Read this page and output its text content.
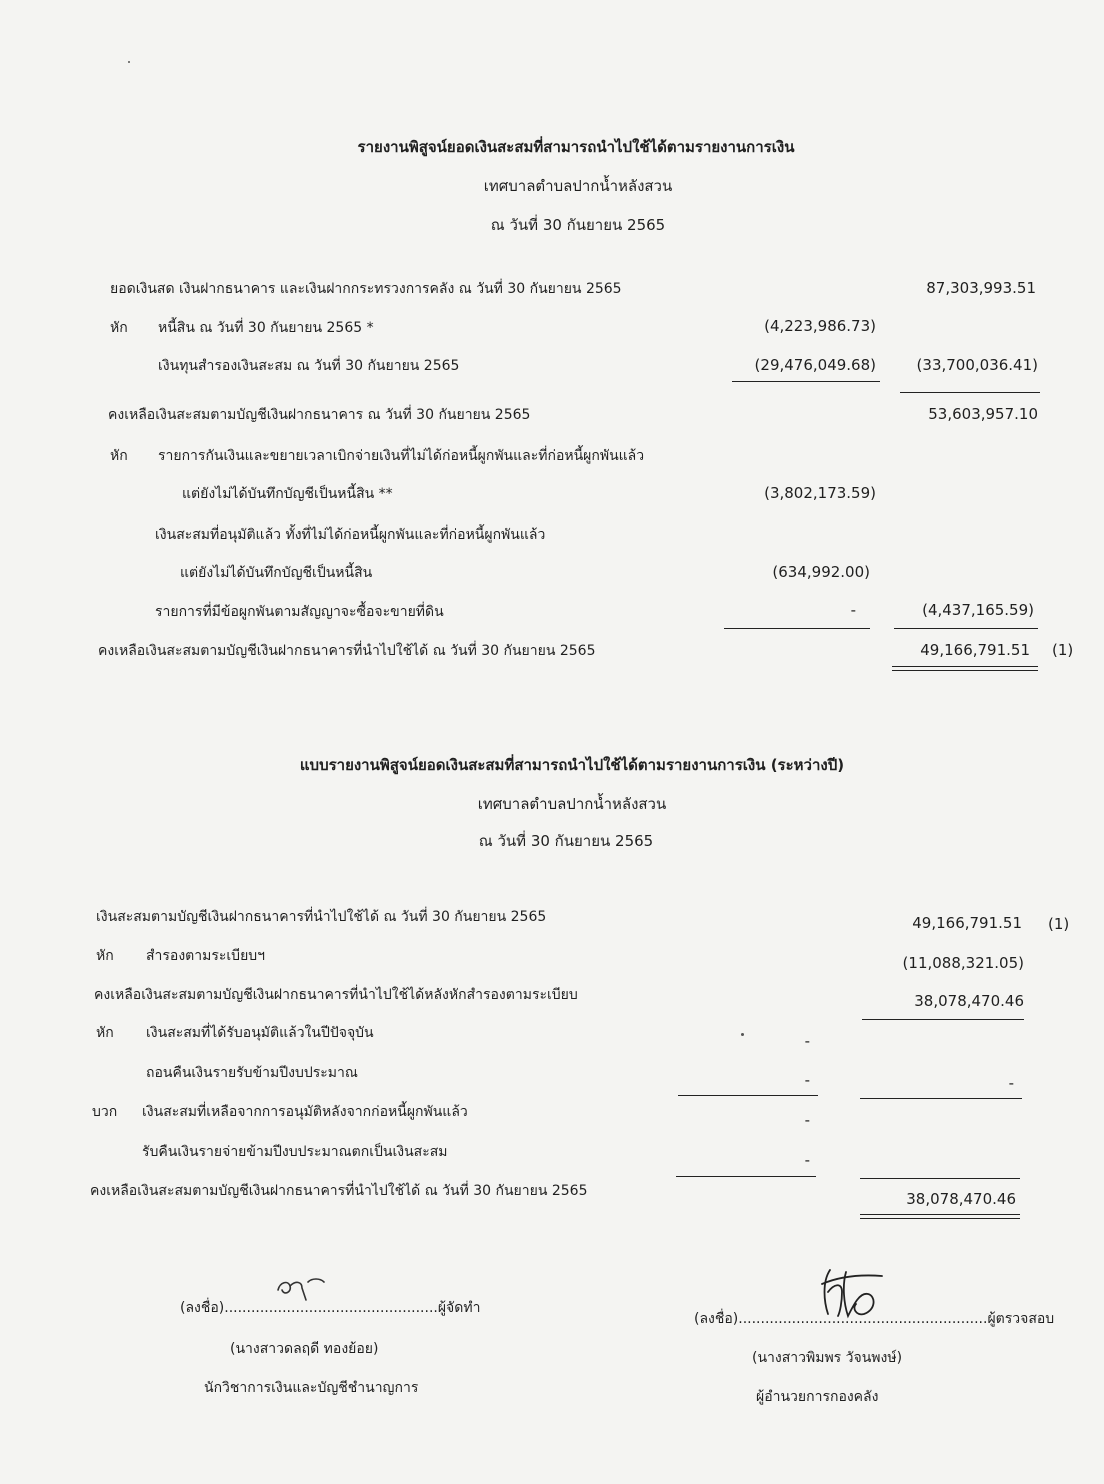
รายงานพิสูจน์ยอดเงินสะสมที่สามารถนำไปใช้ได้ตามรายงานการเงิน
เทศบาลตำบลปากน้ำหลังสวน
ณ วันที่ 30 กันยายน 2565
ยอดเงินสด เงินฝากธนาคาร และเงินฝากกระทรวงการคลัง ณ วันที่ 30 กันยายน 2565	87,303,993.51
หัก หนี้สิน ณ วันที่ 30 กันยายน 2565 *	(4,223,986.73)
เงินทุนสำรองเงินสะสม ณ วันที่ 30 กันยายน 2565	(29,476,049.68)	(33,700,036.41)
คงเหลือเงินสะสมตามบัญชีเงินฝากธนาคาร ณ วันที่ 30 กันยายน 2565	53,603,957.10
หัก รายการกันเงินและขยายเวลาเบิกจ่ายเงินที่ไม่ได้ก่อหนี้ผูกพันและที่ก่อหนี้ผูกพันแล้ว
แต่ยังไม่ได้บันทึกบัญชีเป็นหนี้สิน **	(3,802,173.59)
เงินสะสมที่อนุมัติแล้ว ทั้งที่ไม่ได้ก่อหนี้ผูกพันและที่ก่อหนี้ผูกพันแล้ว
แต่ยังไม่ได้บันทึกบัญชีเป็นหนี้สิน	(634,992.00)
รายการที่มีข้อผูกพันตามสัญญาจะซื้อจะขายที่ดิน	-	(4,437,165.59)
คงเหลือเงินสะสมตามบัญชีเงินฝากธนาคารที่นำไปใช้ได้ ณ วันที่ 30 กันยายน 2565	49,166,791.51 (1)
แบบรายงานพิสูจน์ยอดเงินสะสมที่สามารถนำไปใช้ได้ตามรายงานการเงิน (ระหว่างปี)
เทศบาลตำบลปากน้ำหลังสวน
ณ วันที่ 30 กันยายน 2565
เงินสะสมตามบัญชีเงินฝากธนาคารที่นำไปใช้ได้ ณ วันที่ 30 กันยายน 2565	49,166,791.51 (1)
หัก สำรองตามระเบียบฯ	(11,088,321.05)
คงเหลือเงินสะสมตามบัญชีเงินฝากธนาคารที่นำไปใช้ได้หลังหักสำรองตามระเบียบ	38,078,470.46
หัก เงินสะสมที่ได้รับอนุมัติแล้วในปีปัจจุบัน	-
ถอนคืนเงินรายรับข้ามปีงบประมาณ	-	-
บวก เงินสะสมที่เหลือจากการอนุมัติหลังจากก่อหนี้ผูกพันแล้ว	-
รับคืนเงินรายจ่ายข้ามปีงบประมาณตกเป็นเงินสะสม	-
คงเหลือเงินสะสมตามบัญชีเงินฝากธนาคารที่นำไปใช้ได้ ณ วันที่ 30 กันยายน 2565	38,078,470.46
(ลงชื่อ)................................................ผู้จัดทำ
(นางสาวดลฤดี ทองย้อย)
นักวิชาการเงินและบัญชีชำนาญการ
(ลงชื่อ)........................................................ผู้ตรวจสอบ
(นางสาวพิมพร วัจนพงษ์)
ผู้อำนวยการกองคลัง
